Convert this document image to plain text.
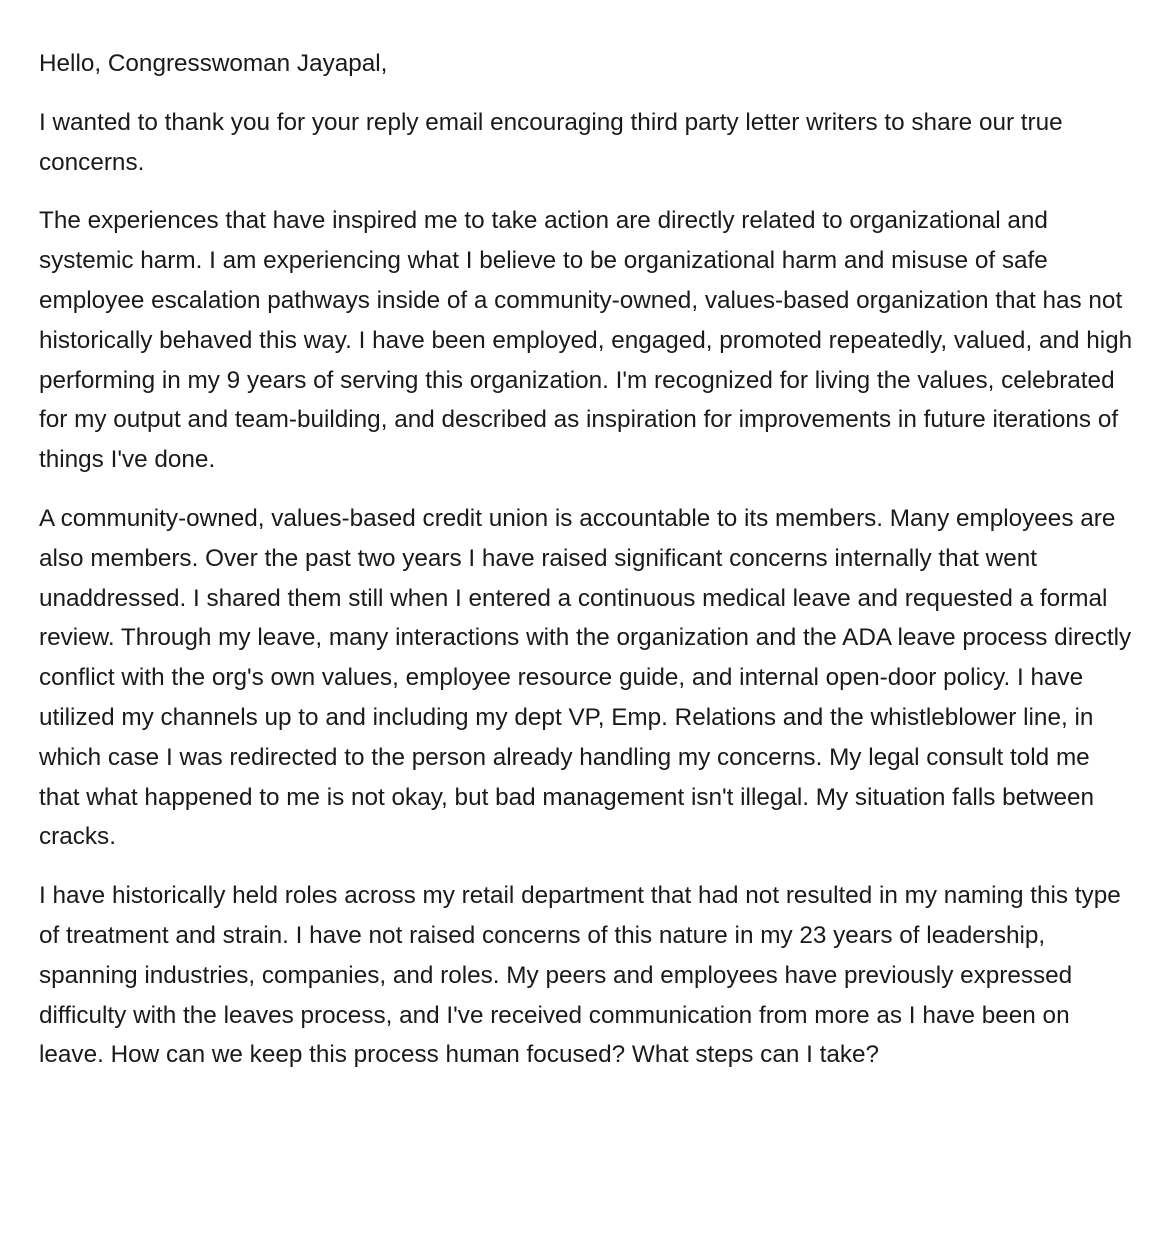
Hello, Congresswoman Jayapal,

I wanted to thank you for your reply email encouraging third party letter writers to share our true concerns.

The experiences that have inspired me to take action are directly related to organizational and systemic harm. I am experiencing what I believe to be organizational harm and misuse of safe employee escalation pathways inside of a community-owned, values-based organization that has not historically behaved this way. I have been employed, engaged, promoted repeatedly, valued, and high performing in my 9 years of serving this organization. I'm recognized for living the values, celebrated for my output and team-building, and described as inspiration for improvements in future iterations of things I've done.

A community-owned, values-based credit union is accountable to its members. Many employees are also members. Over the past two years I have raised significant concerns internally that went unaddressed. I shared them still when I entered a continuous medical leave and requested a formal review. Through my leave, many interactions with the organization and the ADA leave process directly conflict with the org's own values, employee resource guide, and internal open-door policy. I have utilized my channels up to and including my dept VP, Emp. Relations and the whistleblower line, in which case I was redirected to the person already handling my concerns. My legal consult told me that what happened to me is not okay, but bad management isn't illegal. My situation falls between cracks.

I have historically held roles across my retail department that had not resulted in my naming this type of treatment and strain. I have not raised concerns of this nature in my 23 years of leadership, spanning industries, companies, and roles. My peers and employees have previously expressed difficulty with the leaves process, and I've received communication from more as I have been on leave. How can we keep this process human focused? What steps can I take?
